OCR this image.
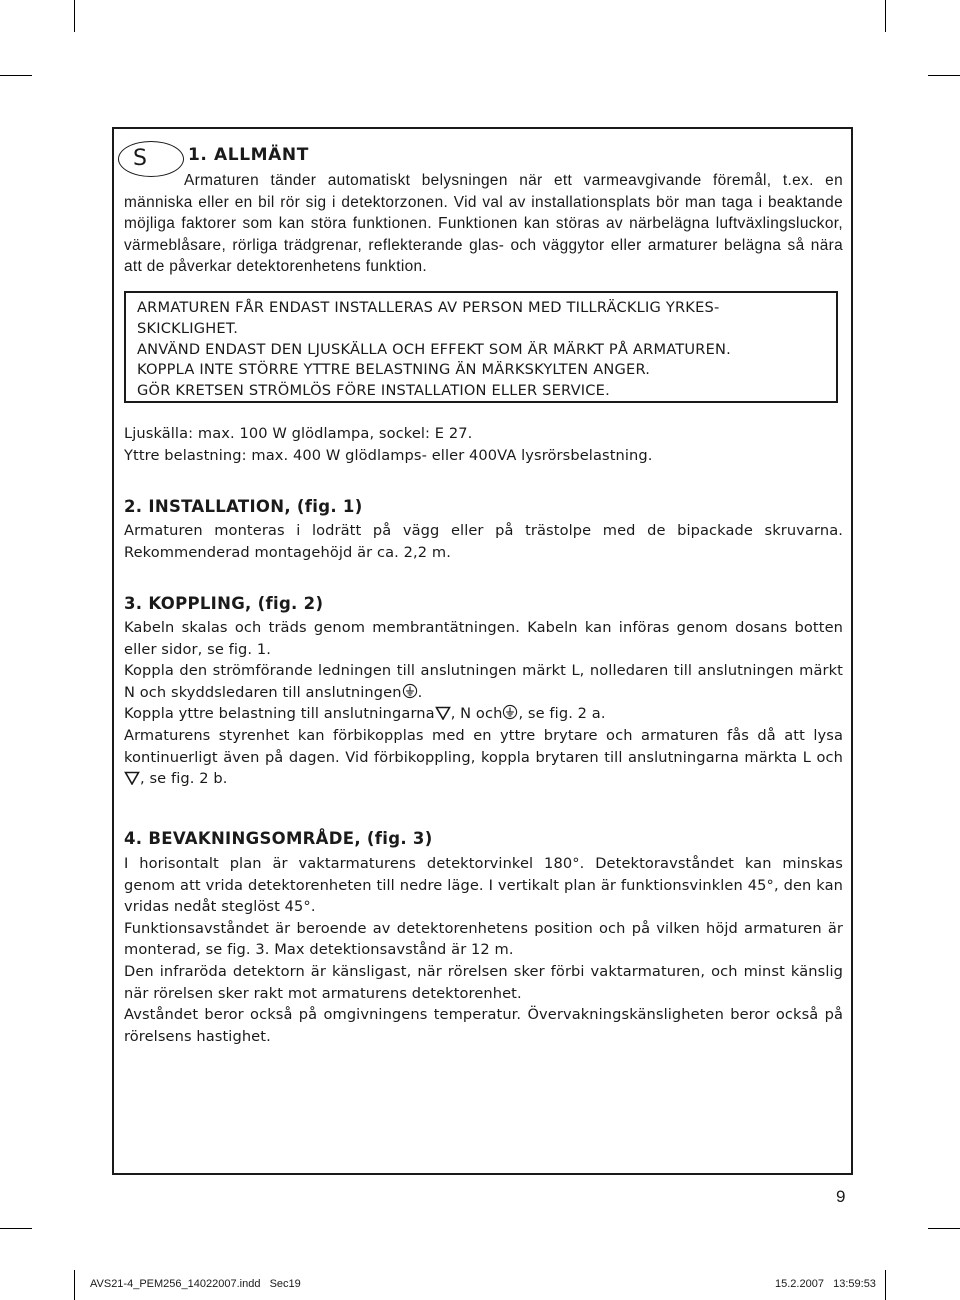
S	1. ALLMÄNT

Armaturen tänder automatiskt belysningen när ett varmeavgivande föremål, t.ex. en människa eller en bil rör sig i detektorzonen. Vid val av installationsplats bör man taga i beaktande möjliga faktorer som kan störa funktionen. Funktionen kan störas av närbelägna luftväxlingsluckor, värmeblåsare, rörliga trädgrenar, reflekterande glas- och väggytor eller armaturer belägna så nära att de påverkar detektorenhetens funktion.

ARMATUREN FÅR ENDAST INSTALLERAS AV PERSON MED TILLRÄCKLIG YRKES-
SKICKLIGHET.
ANVÄND ENDAST DEN LJUSKÄLLA OCH EFFEKT SOM ÄR MÄRKT PÅ ARMATUREN.
KOPPLA INTE STÖRRE YTTRE BELASTNING ÄN MÄRKSKYLTEN ANGER.
GÖR KRETSEN STRÖMLÖS FÖRE INSTALLATION ELLER SERVICE.

Ljuskälla: max. 100 W glödlampa, sockel: E 27.

Yttre belastning: max. 400 W glödlamps- eller 400VA lysrörsbelastning.

2. INSTALLATION, (fig. 1)

Armaturen monteras i lodrätt på vägg eller på trästolpe med de bipackade skruvarna. Rekommenderad montagehöjd är ca. 2,2 m.

3. KOPPLING, (fig. 2)

Kabeln skalas och träds genom membrantätningen. Kabeln kan införas genom dosans botten eller sidor, se fig. 1.

Koppla den strömförande ledningen till anslutningen märkt L, nolledaren till anslutningen märkt N och skyddsledaren till anslutningen .

Koppla yttre belastning till anslutningarna , N och , se fig. 2 a.

Armaturens styrenhet kan förbikopplas med en yttre brytare och armaturen fås då att lysa kontinuerligt även på dagen. Vid förbikoppling, koppla brytaren till anslutningarna märkta L och , se fig. 2 b.

4. BEVAKNINGSOMRÅDE, (fig. 3)

I horisontalt plan är vaktarmaturens detektorvinkel 180°. Detektoravståndet kan minskas genom att vrida detektorenheten till nedre läge. I vertikalt plan är funktionsvinklen 45°, den kan vridas nedåt steglöst 45°.

Funktionsavståndet är beroende av detektorenhetens position och på vilken höjd armaturen är monterad, se fig. 3. Max detektionsavstånd är 12 m.

Den infraröda detektorn är känsligast, när rörelsen sker förbi vaktarmaturen, och minst känslig när rörelsen sker rakt mot armaturens detektorenhet.

Avståndet beror också på omgivningens temperatur. Övervakningskänsligheten beror också på rörelsens hastighet.

9
AVS21-4_PEM256_14022007.indd   Sec19	15.2.2007   13:59:53
